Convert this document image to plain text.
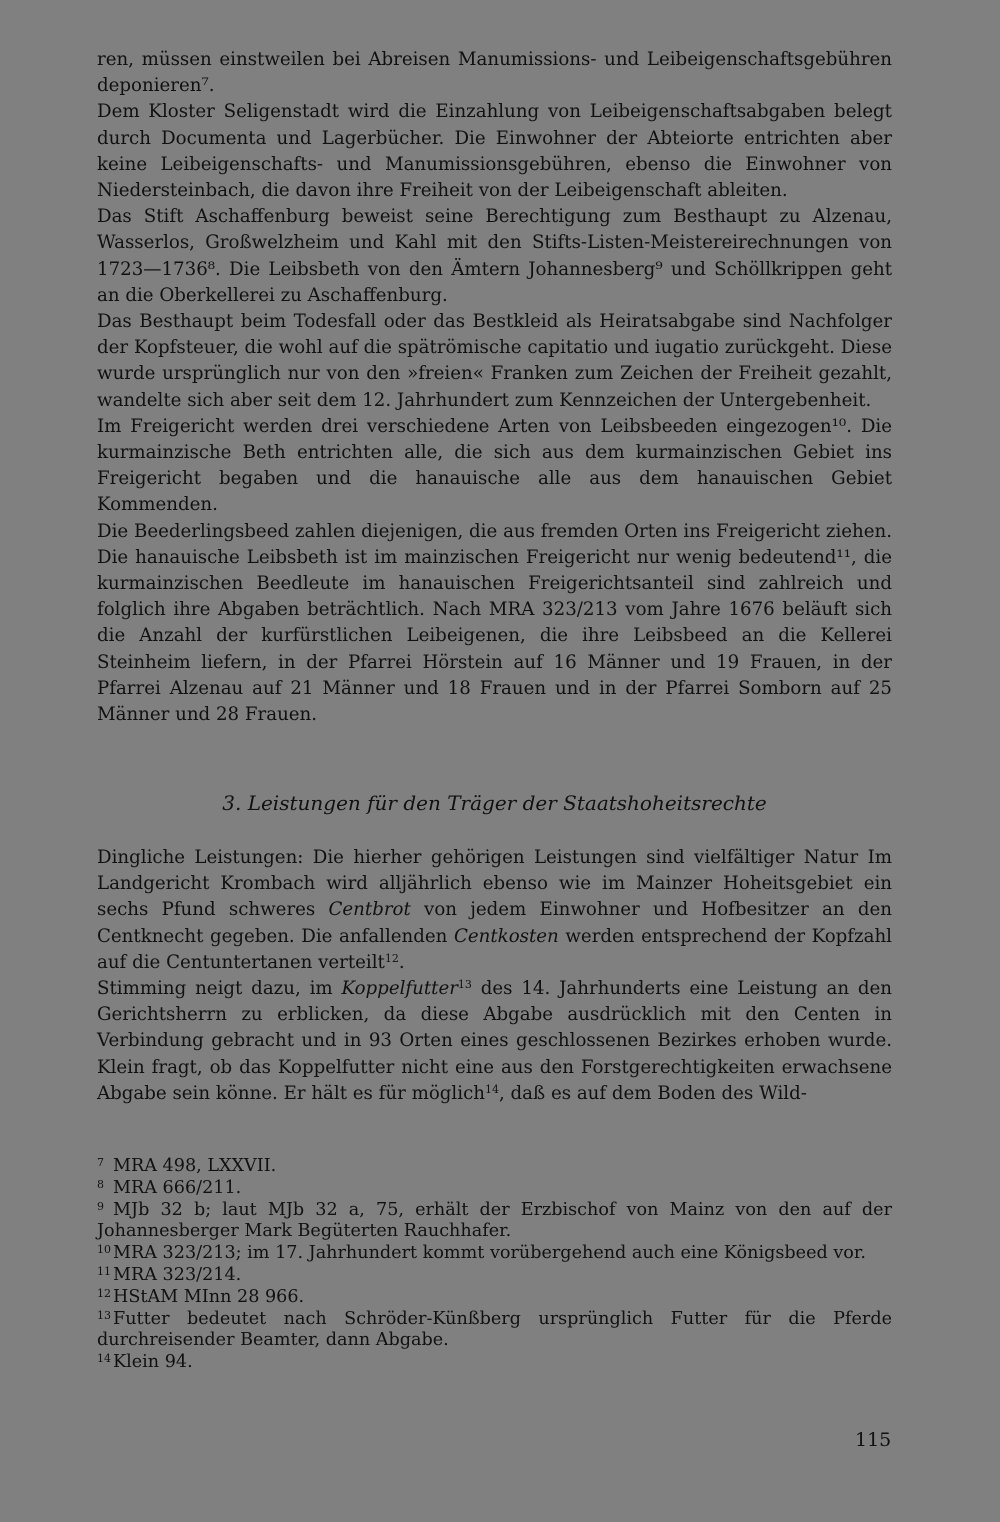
ren, müssen einstweilen bei Abreisen Manumissions- und Leibeigenschaftsgebühren deponieren⁷.

Dem Kloster Seligenstadt wird die Einzahlung von Leibeigenschaftsabgaben belegt durch Documenta und Lagerbücher. Die Einwohner der Abteiorte entrichten aber keine Leibeigenschafts- und Manumissionsgebühren, ebenso die Einwohner von Niedersteinbach, die davon ihre Freiheit von der Leibeigenschaft ableiten.

Das Stift Aschaffenburg beweist seine Berechtigung zum Besthaupt zu Alzenau, Wasserlos, Großwelzheim und Kahl mit den Stifts-Listen-Meistereirechnungen von 1723—1736⁸. Die Leibsbeth von den Ämtern Johannesberg⁹ und Schöllkrippen geht an die Oberkellerei zu Aschaffenburg.

Das Besthaupt beim Todesfall oder das Bestkleid als Heiratsabgabe sind Nachfolger der Kopfsteuer, die wohl auf die spätrömische capitatio und iugatio zurückgeht. Diese wurde ursprünglich nur von den »freien« Franken zum Zeichen der Freiheit gezahlt, wandelte sich aber seit dem 12. Jahrhundert zum Kennzeichen der Untergebenheit.

Im Freigericht werden drei verschiedene Arten von Leibsbeeden eingezogen¹⁰. Die kurmainzische Beth entrichten alle, die sich aus dem kurmainzischen Gebiet ins Freigericht begaben und die hanauische alle aus dem hanauischen Gebiet Kommenden.

Die Beederlingsbeed zahlen diejenigen, die aus fremden Orten ins Freigericht ziehen. Die hanauische Leibsbeth ist im mainzischen Freigericht nur wenig bedeutend¹¹, die kurmainzischen Beedleute im hanauischen Freigerichtsanteil sind zahlreich und folglich ihre Abgaben beträchtlich. Nach MRA 323/213 vom Jahre 1676 beläuft sich die Anzahl der kurfürstlichen Leibeigenen, die ihre Leibsbeed an die Kellerei Steinheim liefern, in der Pfarrei Hörstein auf 16 Männer und 19 Frauen, in der Pfarrei Alzenau auf 21 Männer und 18 Frauen und in der Pfarrei Somborn auf 25 Männer und 28 Frauen.

3. Leistungen für den Träger der Staatshoheitsrechte

Dingliche Leistungen: Die hierher gehörigen Leistungen sind vielfältiger Natur Im Landgericht Krombach wird alljährlich ebenso wie im Mainzer Hoheitsgebiet ein sechs Pfund schweres Centbrot von jedem Einwohner und Hofbesitzer an den Centknecht gegeben. Die anfallenden Centkosten werden entsprechend der Kopfzahl auf die Centuntertanen verteilt$^{12}$.

Stimming neigt dazu, im Koppelfutter$^{13}$ des 14. Jahrhunderts eine Leistung an den Gerichtsherrn zu erblicken, da diese Abgabe ausdrücklich mit den Centen in Verbindung gebracht und in 93 Orten eines geschlossenen Bezirkes erhoben wurde. Klein fragt, ob das Koppelfutter nicht eine aus den Forstgerechtigkeiten erwachsene Abgabe sein könne. Er hält es für möglich$^{14}$, daß es auf dem Boden des Wild-

7 MRA 498, LXXVII.

8 MRA 666/211.

9 MJb 32 b; laut MJb 32 a, 75, erhält der Erzbischof von Mainz von den auf der Johannesberger Mark Begüterten Rauchhafer.

10 MRA 323/213; im 17. Jahrhundert kommt vorübergehend auch eine Königsbeed vor.

11 MRA 323/214.

12 HStAM MInn 28 966.

13 Futter bedeutet nach Schröder-Künßberg ursprünglich Futter für die Pferde durchreisender Beamter, dann Abgabe.

14 Klein 94.

115
